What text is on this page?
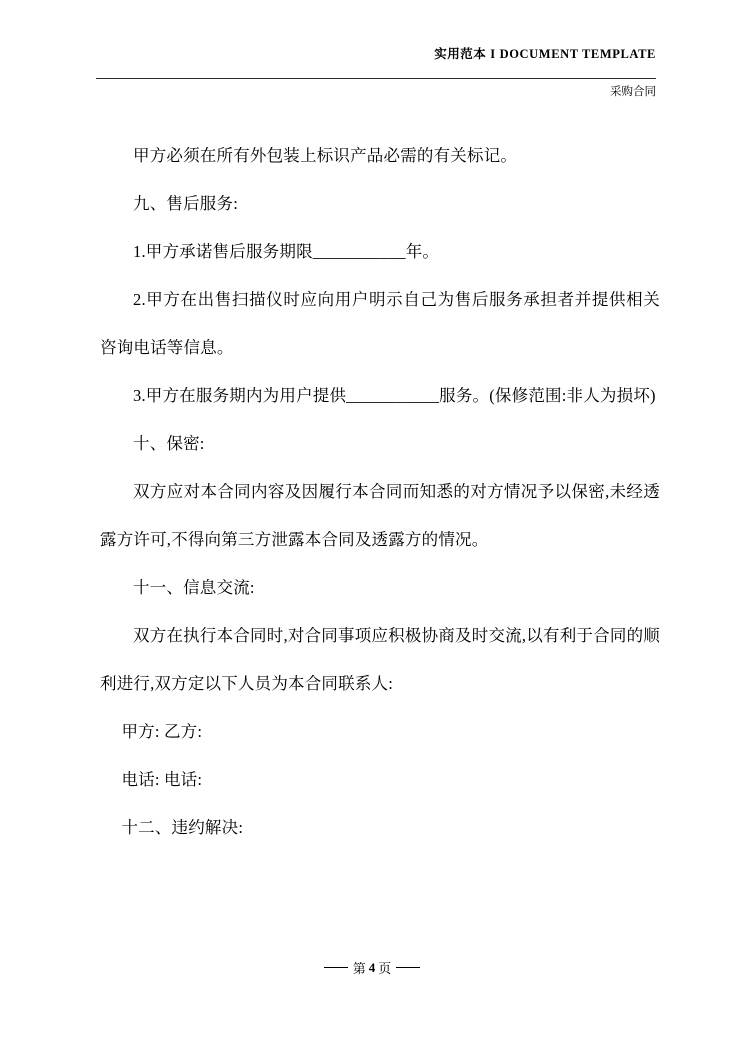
实用范本 I DOCUMENT TEMPLATE
采购合同

甲方必须在所有外包装上标识产品必需的有关标记。

九、售后服务:

1.甲方承诺售后服务期限___________年。

2.甲方在出售扫描仪时应向用户明示自己为售后服务承担者并提供相关咨询电话等信息。

3.甲方在服务期内为用户提供___________服务。(保修范围:非人为损坏)

十、保密:

双方应对本合同内容及因履行本合同而知悉的对方情况予以保密,未经透露方许可,不得向第三方泄露本合同及透露方的情况。

十一、信息交流:

双方在执行本合同时,对合同事项应积极协商及时交流,以有利于合同的顺利进行,双方定以下人员为本合同联系人:

甲方: 乙方:

电话: 电话:

十二、违约解决:

第 4 页
